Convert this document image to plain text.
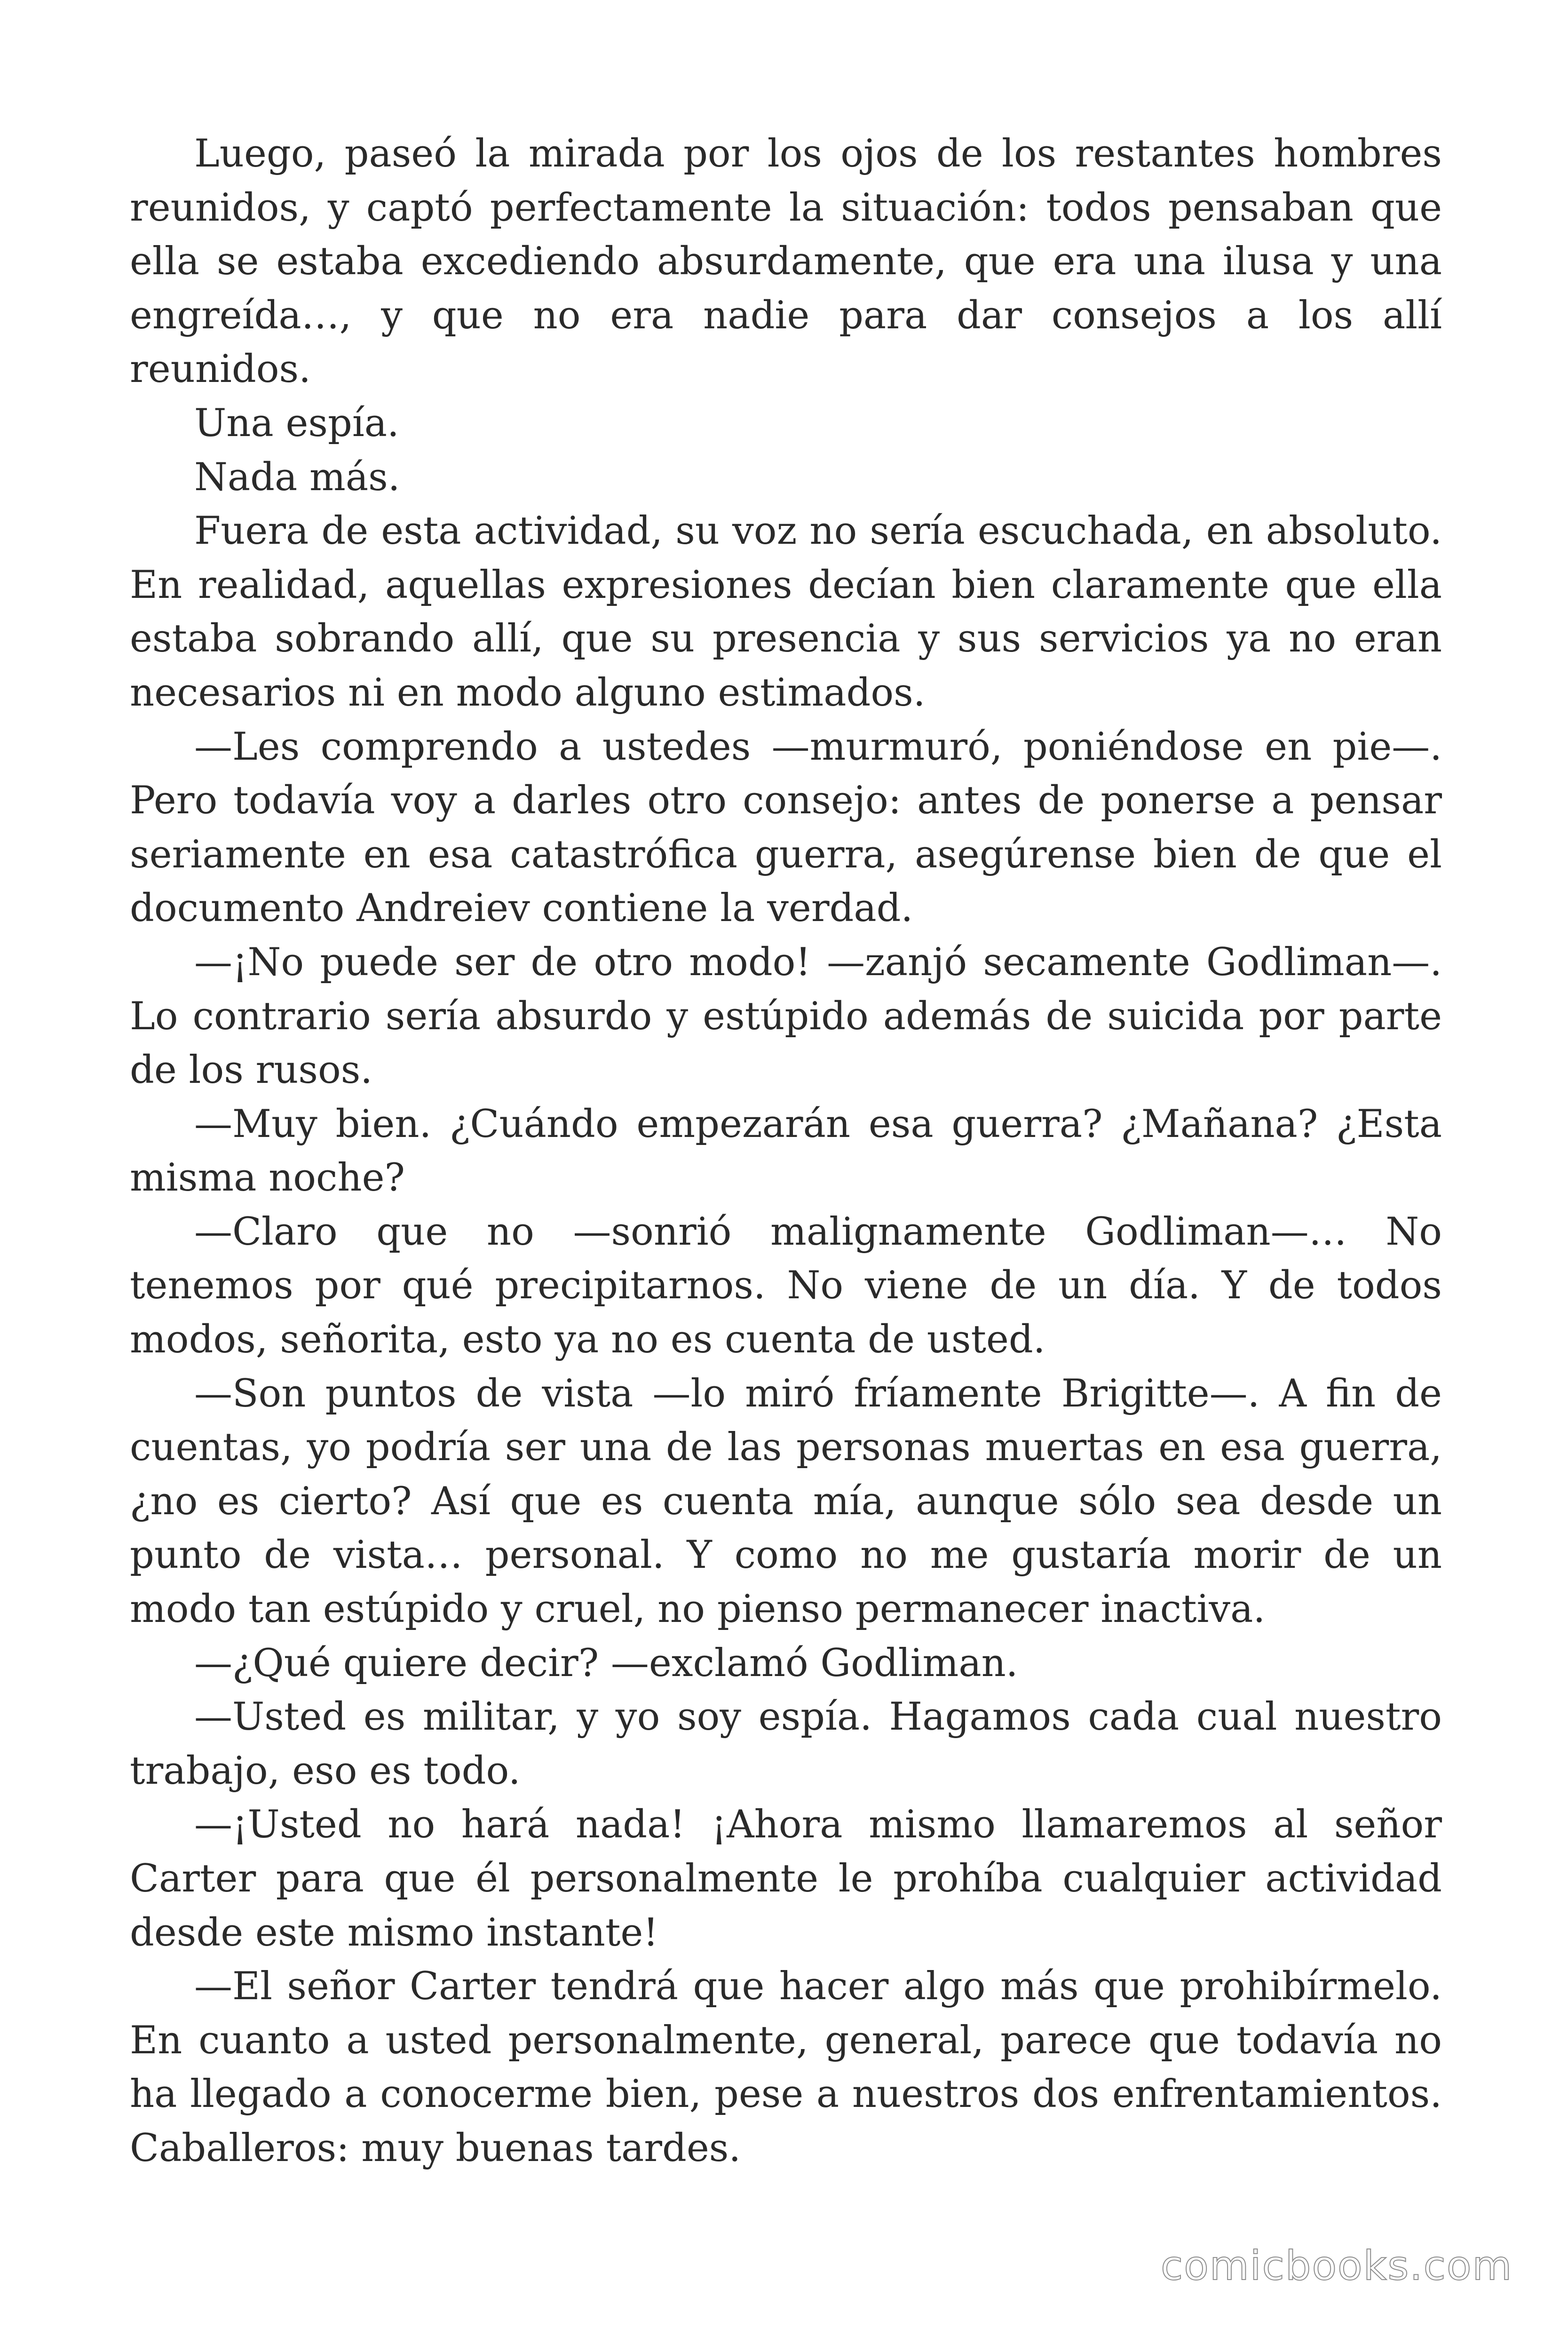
Luego, paseó la mirada por los ojos de los restantes hombres reunidos, y captó perfectamente la situación: todos pensaban que ella se estaba excediendo absurdamente, que era una ilusa y una engreída…, y que no era nadie para dar consejos a los allí reunidos.

Una espía.

Nada más.

Fuera de esta actividad, su voz no sería escuchada, en absoluto. En realidad, aquellas expresiones decían bien claramente que ella estaba sobrando allí, que su presencia y sus servicios ya no eran necesarios ni en modo alguno estimados.

—Les comprendo a ustedes —murmuró, poniéndose en pie—. Pero todavía voy a darles otro consejo: antes de ponerse a pensar seriamente en esa catastrófica guerra, asegúrense bien de que el documento Andreiev contiene la verdad.

—¡No puede ser de otro modo! —zanjó secamente Godliman—. Lo contrario sería absurdo y estúpido además de suicida por parte de los rusos.

—Muy bien. ¿Cuándo empezarán esa guerra? ¿Mañana? ¿Esta misma noche?

—Claro que no —sonrió malignamente Godliman—… No tenemos por qué precipitarnos. No viene de un día. Y de todos modos, señorita, esto ya no es cuenta de usted.

—Son puntos de vista —lo miró fríamente Brigitte—. A fin de cuentas, yo podría ser una de las personas muertas en esa guerra, ¿no es cierto? Así que es cuenta mía, aunque sólo sea desde un punto de vista… personal. Y como no me gustaría morir de un modo tan estúpido y cruel, no pienso permanecer inactiva.

—¿Qué quiere decir? —exclamó Godliman.

—Usted es militar, y yo soy espía. Hagamos cada cual nuestro trabajo, eso es todo.

—¡Usted no hará nada! ¡Ahora mismo llamaremos al señor Carter para que él personalmente le prohíba cualquier actividad desde este mismo instante!

—El señor Carter tendrá que hacer algo más que prohibírmelo. En cuanto a usted personalmente, general, parece que todavía no ha llegado a conocerme bien, pese a nuestros dos enfrentamientos. Caballeros: muy buenas tardes.

comicbooks.com
